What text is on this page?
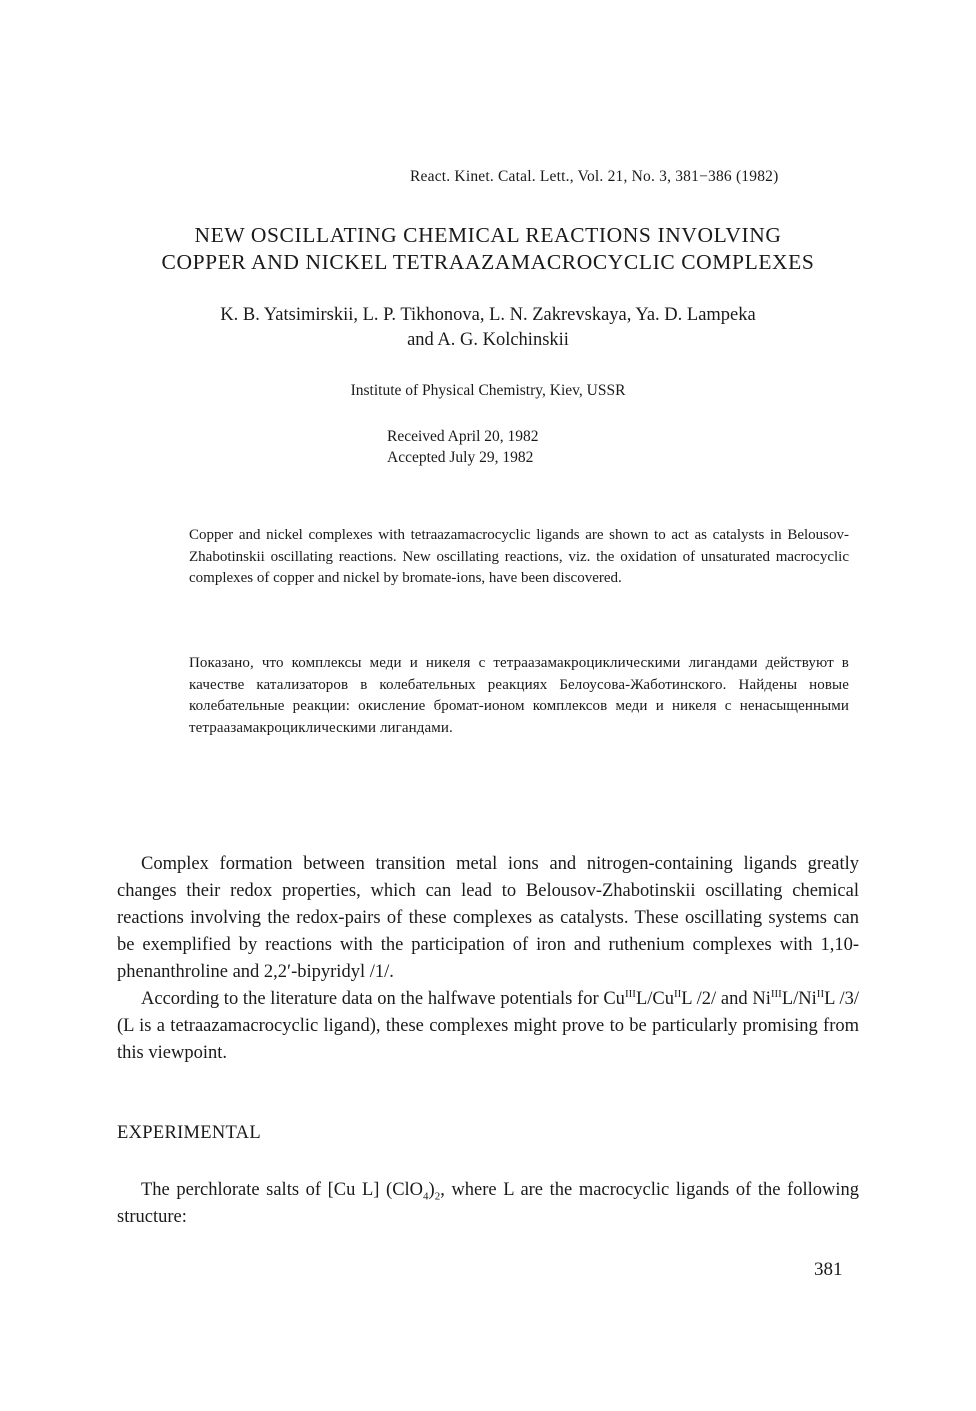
React. Kinet. Catal. Lett., Vol. 21, No. 3, 381−386 (1982)
NEW OSCILLATING CHEMICAL REACTIONS INVOLVING
COPPER AND NICKEL TETRAAZAMACROCYCLIC COMPLEXES
K. B. Yatsimirskii, L. P. Tikhonova, L. N. Zakrevskaya, Ya. D. Lampeka
and A. G. Kolchinskii
Institute of Physical Chemistry, Kiev, USSR
Received April 20, 1982
Accepted July 29, 1982
Copper and nickel complexes with tetraazamacrocyclic ligands are shown to act as catalysts in Belousov-Zhabotinskii oscillating reactions. New oscillating reactions, viz. the oxidation of unsaturated macrocyclic complexes of copper and nickel by bromate-ions, have been discovered.
Показано, что комплексы меди и никеля с тетраазамакроциклическими лигандами действуют в качестве катализаторов в колебательных реакциях Белоусова-Жаботинского. Найдены новые колебательные реакции: окисление бромат-ионом комплексов меди и никеля с ненасыщенными тетраазамакроциклическими лигандами.
Complex formation between transition metal ions and nitrogen-containing ligands greatly changes their redox properties, which can lead to Belousov-Zhabotinskii oscillating chemical reactions involving the redox-pairs of these complexes as catalysts. These oscillating systems can be exemplified by reactions with the participation of iron and ruthenium complexes with 1,10-phenanthroline and 2,2′-bipyridyl /1/.
According to the literature data on the halfwave potentials for $Cu^{III}L/Cu^{II}L$ /2/ and $Ni^{III}L/Ni^{II}L$ /3/ (L is a tetraazamacrocyclic ligand), these complexes might prove to be particularly promising from this viewpoint.
EXPERIMENTAL
The perchlorate salts of [Cu L] $(ClO_4)_2$, where L are the macrocyclic ligands of the following structure:
381
